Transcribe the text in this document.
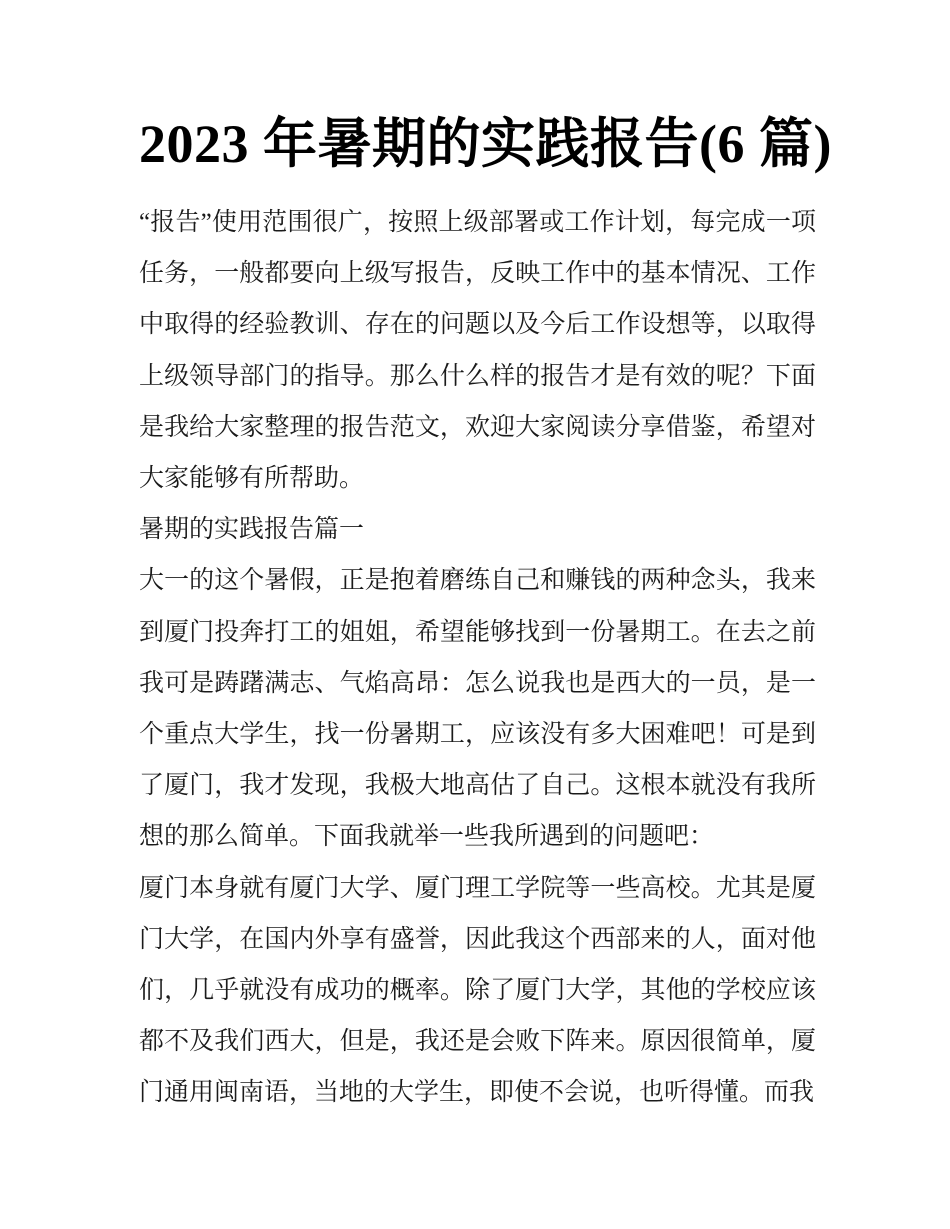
2023 年暑期的实践报告(6 篇)

“报告”使用范围很广，按照上级部署或工作计划，每完成一项任务，一般都要向上级写报告，反映工作中的基本情况、工作中取得的经验教训、存在的问题以及今后工作设想等，以取得上级领导部门的指导。那么什么样的报告才是有效的呢？下面是我给大家整理的报告范文，欢迎大家阅读分享借鉴，希望对大家能够有所帮助。

暑期的实践报告篇一

大一的这个暑假，正是抱着磨练自己和赚钱的两种念头，我来到厦门投奔打工的姐姐，希望能够找到一份暑期工。在去之前我可是踌躇满志、气焰高昂：怎么说我也是西大的一员，是一个重点大学生，找一份暑期工，应该没有多大困难吧！可是到了厦门，我才发现，我极大地高估了自己。这根本就没有我所想的那么简单。下面我就举一些我所遇到的问题吧：

厦门本身就有厦门大学、厦门理工学院等一些高校。尤其是厦门大学，在国内外享有盛誉，因此我这个西部来的人，面对他们，几乎就没有成功的概率。除了厦门大学，其他的学校应该都不及我们西大，但是，我还是会败下阵来。原因很简单，厦门通用闽南语，当地的大学生，即使不会说，也听得懂。而我
